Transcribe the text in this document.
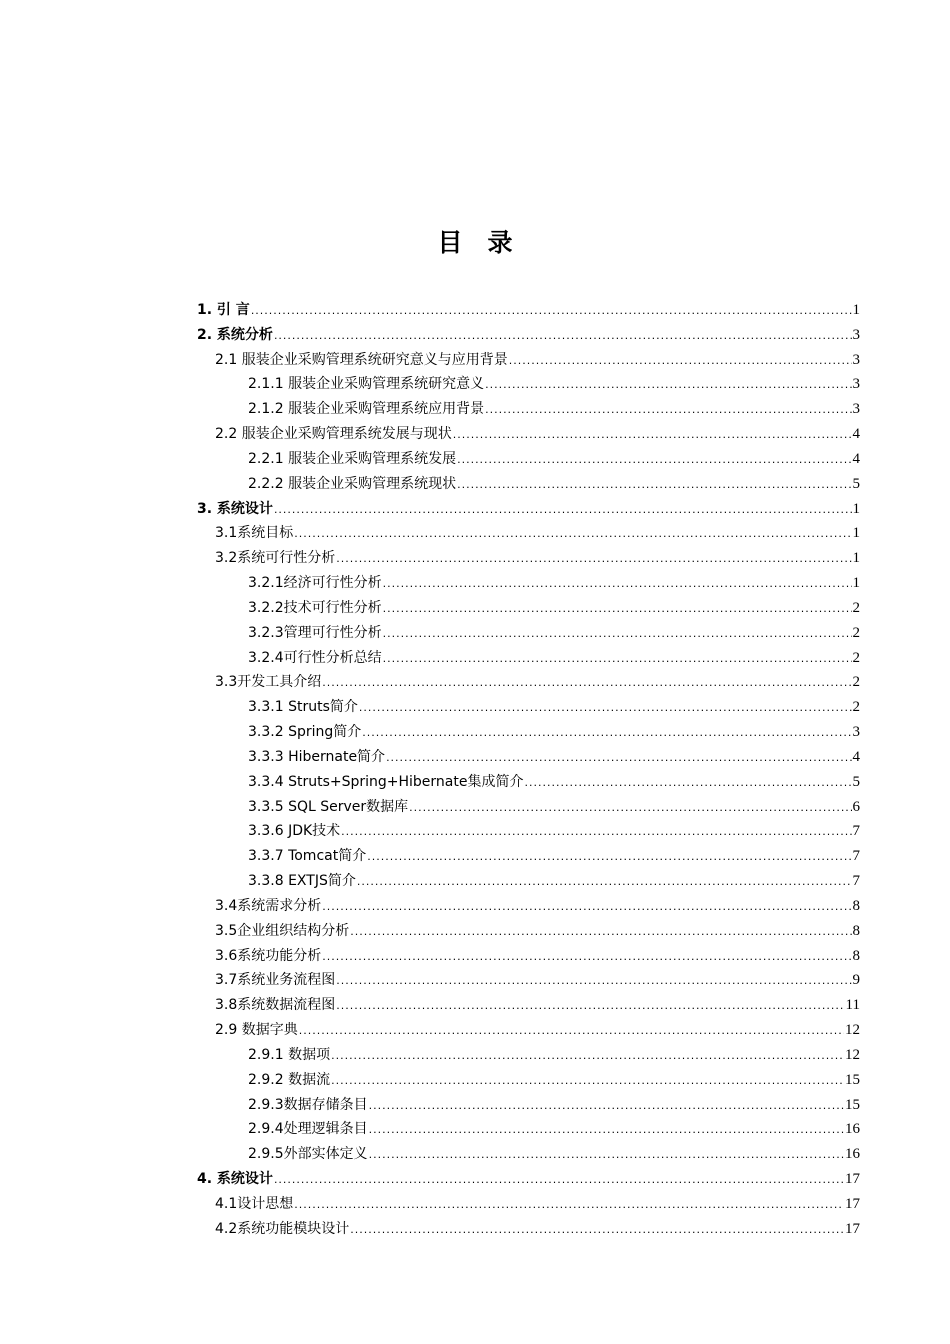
目　录
1. 引 言 .....	1
2. 系统分析 .....	3
2.1 服装企业采购管理系统研究意义与应用背景 .....	3
2.1.1 服装企业采购管理系统研究意义 .....	3
2.1.2 服装企业采购管理系统应用背景 .....	3
2.2 服装企业采购管理系统发展与现状 .....	4
2.2.1 服装企业采购管理系统发展 .....	4
2.2.2 服装企业采购管理系统现状 .....	5
3. 系统设计 .....	1
3.1系统目标 .....	1
3.2系统可行性分析 .....	1
3.2.1经济可行性分析 .....	1
3.2.2技术可行性分析 .....	2
3.2.3管理可行性分析 .....	2
3.2.4可行性分析总结 .....	2
3.3开发工具介绍 .....	2
3.3.1 Struts简介 .....	2
3.3.2 Spring简介 .....	3
3.3.3 Hibernate简介 .....	4
3.3.4 Struts+Spring+Hibernate集成简介 .....	5
3.3.5 SQL Server数据库 .....	6
3.3.6 JDK技术 .....	7
3.3.7 Tomcat简介 .....	7
3.3.8 EXTJS简介 .....	7
3.4系统需求分析 .....	8
3.5企业组织结构分析 .....	8
3.6系统功能分析 .....	8
3.7系统业务流程图 .....	9
3.8系统数据流程图 .....	11
2.9 数据字典 .....	12
2.9.1 数据项 .....	12
2.9.2 数据流 .....	15
2.9.3数据存储条目 .....	15
2.9.4处理逻辑条目 .....	16
2.9.5外部实体定义 .....	16
4. 系统设计 .....	17
4.1设计思想 .....	17
4.2系统功能模块设计 .....	17
